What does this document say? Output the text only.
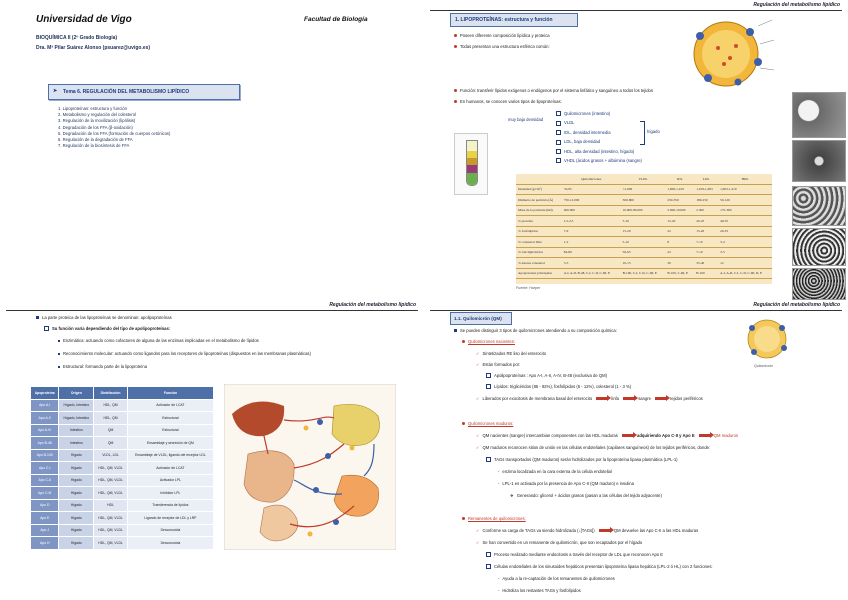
Universidad de Vigo	Facultad de Biología
BIOQUÍMICA II (2º Grado Biología)
Dra. Mª Pilar Suárez Alonso (psuarez@uvigo.es)
➤ Tema 6. REGULACIÓN DEL METABOLISMO LIPÍDICO
1. Lipoproteínas: estructura y función
2. Metabolismo y regulación del colesterol
3. Regulación de la movilización (lipólisis)
4. Degradación de los FFA (β-oxidación)
5. Degradación de los FFA (formación de cuerpos cetónicos)
6. Regulación de la degradación de FFA
7. Regulación de la biosíntesis de FFA
Regulación del metabolismo lipídico
1. LIPOPROTEÍNAS: estructura y función
Poseen diferente composición lipídica y proteica
Todas presentan una estructura esférica común:
Función: transferir lípidos exógenos o endógenos por el sistema linfático y sanguíneo a todos los tejidos
En humanos, se conocen varios tipos de lipoproteínas:
muy baja densidad
Quilomicrones (intestino)
VLDL
IDL, densidad intermedia
LDL, baja densidad
HDL, alta densidad (intestino, hígado)
VHDL (ácidos grasos + albúmina (sangre)
hígado
	Quilomicrones	VLDL	IDL	LDL	HDL
Densidad (g/cm³)	<0,95	<1,006	1,006-1,019	1,019-1,063	1,063-1,210
Diámetro de partícula (Å)	750-12.000	300-800	250-350	180-250	50-120
Masa de la partícula (kD)	400.000	10.000-80.000	5.000-10.000	2.300	175-360
% proteína	1,5-2,5	5-10	15-20	20-25	40-55
% fosfolípidos	7-9	15-20	22	15-20	20-35
% colesterol libre	1-2	5-10	8	7-10	3-4
% triacilglicéridos	84-89	50-65	22	7-10	3-5
% ésteres colesterol	3-5	10-15	30	35-40	12
Apoproteínas principales	A-I, A-II, B-48, C-I, C-II, C-III, E	B-100, C-I, C-II, C-III, E	B-100, C-III, E	B-100	A-I, A-II, C-I, C-II, C-III, D, E
Fuente: Harper
Regulación del metabolismo lipídico
La parte proteica de las lipoproteínas se denominan: apolipoproteínas
Su función varía dependiendo del tipo de apolipoproteínas:
Enzimática: actuando como cofactores de alguna de las enzimas implicadas en el metabolismo de lípidos
Reconocimiento molecular: actuando como ligandos para los receptores de lipoproteínas (dispuestos en las membranas plasmáticas)
Estructural: formando parte de la lipoproteína
Apoproteína	Origen	Distribución	Función
Apo A-I	Hígado, Intestino	HDL, QM	Activador de LCAT
Apo A-II	Hígado, Intestino	HDL, QM	Estructural
Apo A-IV	Intestino	QM	Estructural
Apo B-48	Intestino	QM	Ensamblaje y secreción de QM
Apo B-100	Hígado	VLDL, LDL	Ensamblaje de VLDL; ligando del receptor LDL
Apo C-I	Hígado	HDL, QM, VLDL	Activador de LCAT
Apo C-II	Hígado	HDL, QM, VLDL	Activador LPL
Apo C-III	Hígado	HDL, QM, VLDL	Inhibidor LPL
Apo D	Hígado	HDL	Transferencia de lípidos
Apo E	Hígado	HDL, QM, VLDL	Ligando de receptor de LDL y LRP
Apo J	Hígado	HDL, QM, VLDL	Desconocida
Apo H	Hígado	HDL, QM, VLDL	Desconocida
Regulación del metabolismo lipídico
1.1. Quilomicrón (QM)
Se pueden distinguir 3 tipos de quilomicrones atendiendo a su composición química:
Quilomicrón
Quilomicrones nacientes:
✓ Sintetizados RE liso del enterocito
✓ Están formados por:
Apolipoproteínas : Apo A-I, A-II, A-IV, B-48 (exclusiva de QM)
Lípidos: triglicéridos (85 - 92%), fosfolípidos (6 - 12%), colesterol (1 - 3 %)
✓ Liberados por exocitosis de membrana basal del enterocito	linfa	sangre	tejidos periféricos
Quilomicrones maduros:
✓ QM nacientes (sangre) intercambian componentes con las HDL maduras	adquiriendo Apo C-II y Apo E	QM maduros
✓ QM maduros reconocen sitios de unión en las células endoteliales (capilares sanguíneos) de los tejidos periféricos, donde:
TAGs transportados (QM maduros) serán hidrolizados por la lipoproteína lipasa plasmática (LPL-1)
- enzima localizada en la cara externa de la célula endotelial
- LPL-1 es activada por la presencia de Apo C-II (QM maduro) e insulina
❖ Generando: glicerol + ácidos grasos (pasan a las células del tejido adyacente)
Remanentes de quilomicrones:
✓ Conforme va carga de TAGs va siendo hidrolizada (↓[TAGs])	QM devuelve las Apo C-II a las HDL maduras
✓ Se han convertido en un remanente de quilomicrón, que son recaptados por el hígado
Proceso realizado mediante endocitosis a través del receptor de LDL que reconocen Apo E
Células endoteliales de los sinusoides hepáticos presentan lipoproteína lipasa hepática (LPL-2 ó HL) con 2 funciones:
- Ayuda a la re-captación de los remanentes de quilomicrones
- Hidroliza los restantes TAGs y fosfolípidos
